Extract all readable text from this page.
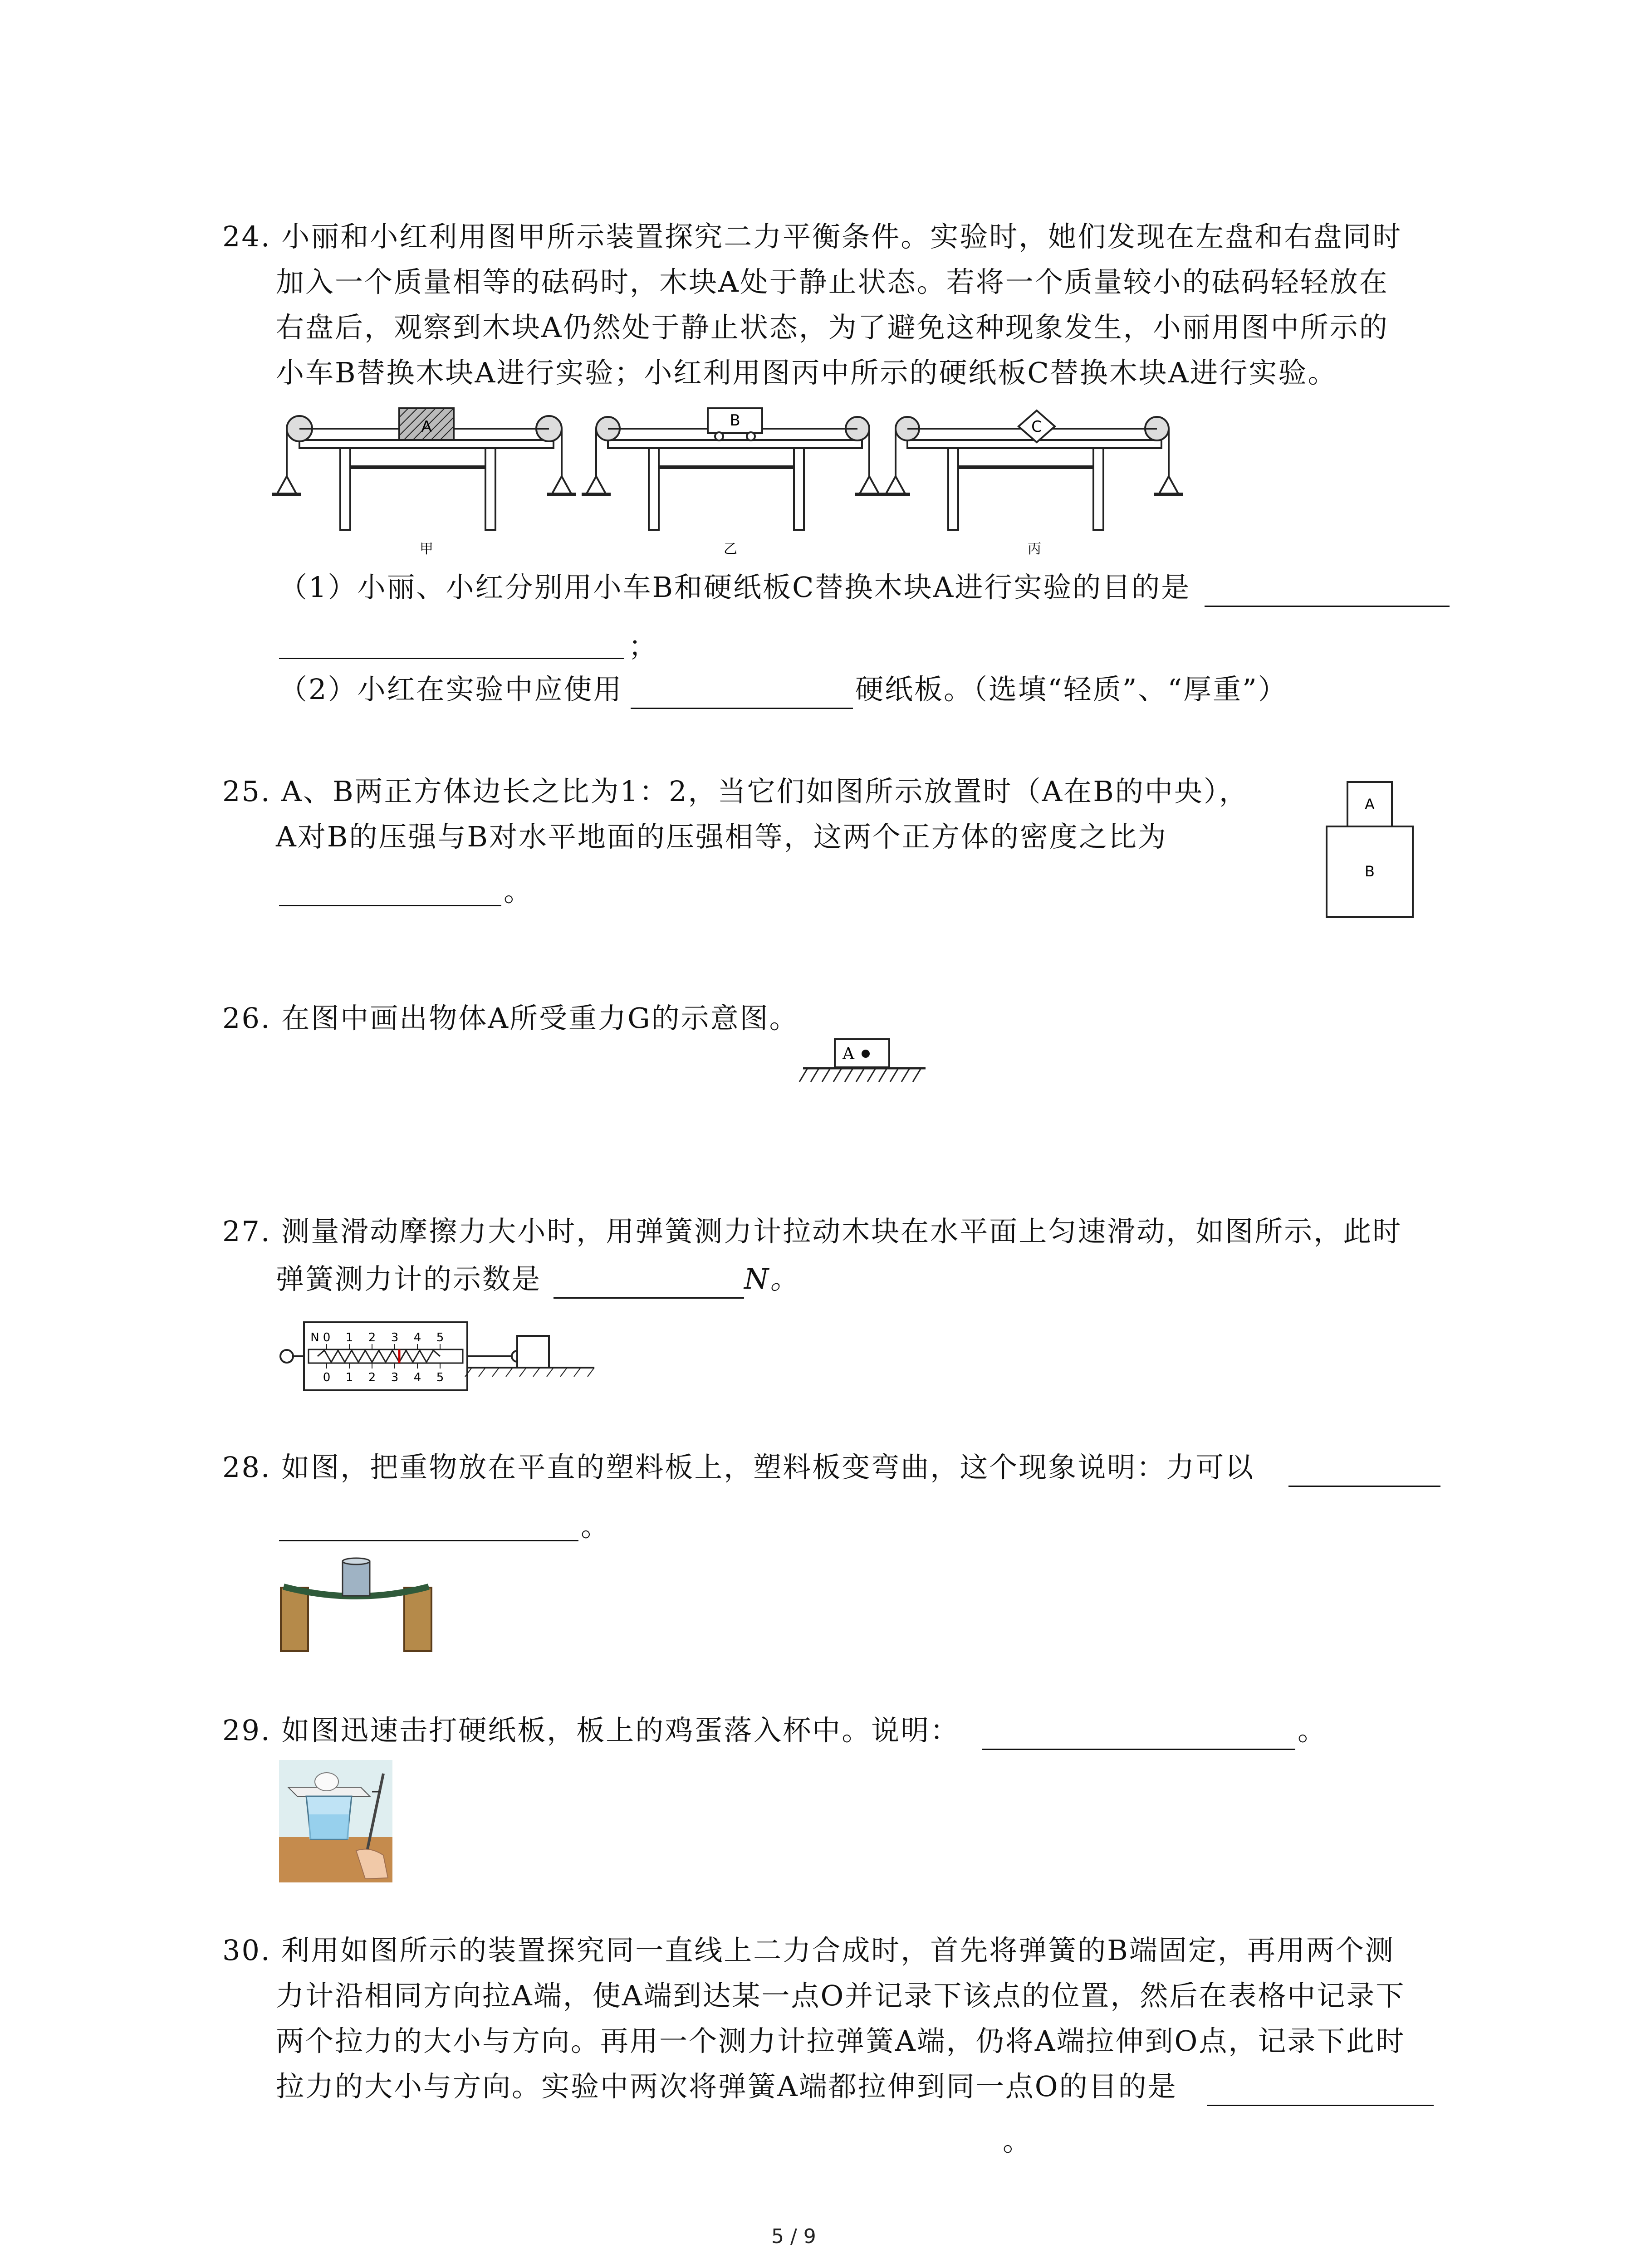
24. 小丽和小红利用图甲所示装置探究二力平衡条件。实验时，她们发现在左盘和右盘同时
加入一个质量相等的砝码时，木块A处于静止状态。若将一个质量较小的砝码轻轻放在
右盘后，观察到木块A仍然处于静止状态，为了避免这种现象发生，小丽用图中所示的
小车B替换木块A进行实验；小红利用图丙中所示的硬纸板C替换木块A进行实验。
A	B	C
甲	乙	丙
（1）小丽、小红分别用小车B和硬纸板C替换木块A进行实验的目的是
；
（2）小红在实验中应使用	硬纸板。（选填“轻质”、“厚重”）
25. A、B两正方体边长之比为1：2，当它们如图所示放置时（A在B的中央），
A对B的压强与B对水平地面的压强相等，这两个正方体的密度之比为
。
A
B
26. 在图中画出物体A所受重力G的示意图。
A
27. 测量滑动摩擦力大小时，用弹簧测力计拉动木块在水平面上匀速滑动，如图所示，此时
弹簧测力计的示数是	N。
N 0 1 2 3 4 5
0 1 2 3 4 5
28. 如图，把重物放在平直的塑料板上，塑料板变弯曲，这个现象说明：力可以
。
29. 如图迅速击打硬纸板，板上的鸡蛋落入杯中。说明：	。
30. 利用如图所示的装置探究同一直线上二力合成时，首先将弹簧的B端固定，再用两个测
力计沿相同方向拉A端，使A端到达某一点O并记录下该点的位置，然后在表格中记录下
两个拉力的大小与方向。再用一个测力计拉弹簧A端，仍将A端拉伸到O点，记录下此时
拉力的大小与方向。实验中两次将弹簧A端都拉伸到同一点O的目的是
。
5 / 9
